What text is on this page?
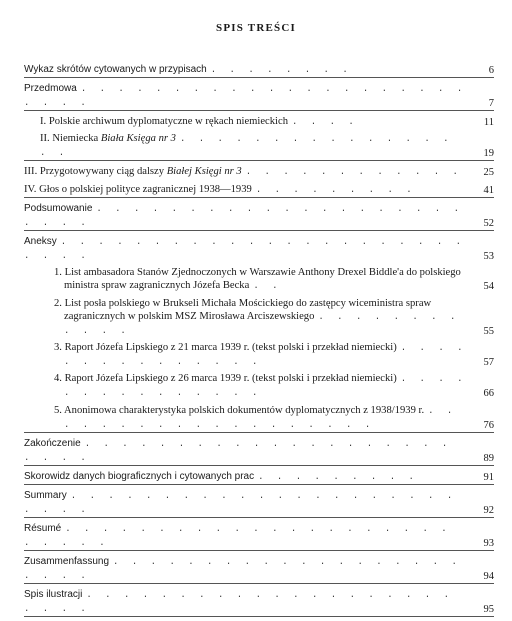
SPIS TREŚCI
Wykaz skrótów cytowanych w przypisach . . . . . . . .	6
Przedmowa . . . . . . . . . . . . . . . . . . . . . . . . .	7
I. Polskie archiwum dyplomatyczne w rękach niemieckich . . . .	11
II. Niemiecka Biała Księga nr 3 . . . . . . . . . . . . . . . . .	19
III. Przygotowywany ciąg dalszy Białej Księgi nr 3 . . . . . . . . . . . . 25
IV. Głos o polskiej polityce zagranicznej 1938—1939 . . . . . . . . .	41
Podsumowanie . . . . . . . . . . . . . . . . . . . . . . . .	52
Aneksy . . . . . . . . . . . . . . . . . . . . . . . . . .	53
1. List ambasadora Stanów Zjednoczonych w Warszawie Anthony Drexel Biddle'a do polskiego ministra spraw zagranicznych Józefa Becka . .	54
2. List posła polskiego w Brukseli Michała Mościckiego do zastępcy wiceministra spraw zagranicznych w polskim MSZ Mirosława Arciszewskiego . . . . . . . . . . . .	55
3. Raport Józefa Lipskiego z 21 marca 1939 r. (tekst polski i przekład niemiecki) . . . . . . . . . . . . . . .	57
4. Raport Józefa Lipskiego z 26 marca 1939 r. (tekst polski i przekład niemiecki) . . . . . . . . . . . . . . .	66
5. Anonimowa charakterystyka polskich dokumentów dyplomatycznych z 1938/1939 r. . . . . . . . . . . . . . . . . . . .	76
Zakończenie . . . . . . . . . . . . . . . . . . . . . . . .	89
Skorowidz danych biograficznych i cytowanych prac . . . . . . . . .	91
Summary . . . . . . . . . . . . . . . . . . . . . . . . .	92
Résumé . . . . . . . . . . . . . . . . . . . . . . . . . .	93
Zusammenfassung . . . . . . . . . . . . . . . . . . . . . . .	94
Spis ilustracji . . . . . . . . . . . . . . . . . . . . . . . .	95
